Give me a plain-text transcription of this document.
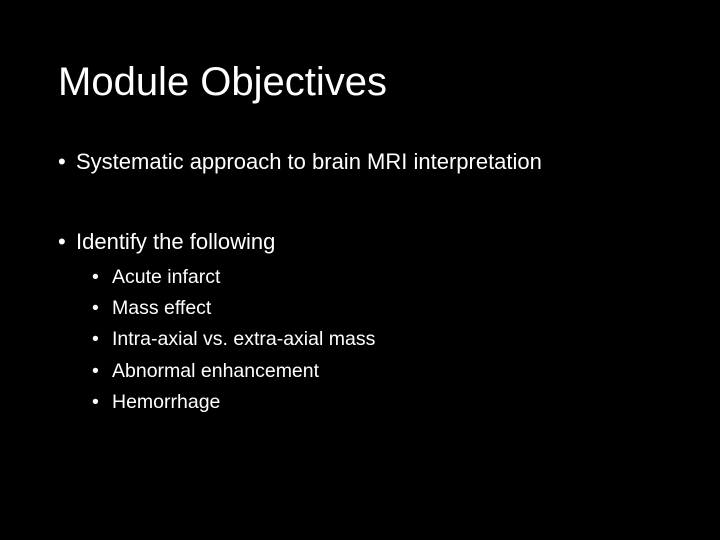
Module Objectives
• Systematic approach to brain MRI interpretation
• Identify the following
• Acute infarct
• Mass effect
• Intra-axial vs. extra-axial mass
• Abnormal enhancement
• Hemorrhage
